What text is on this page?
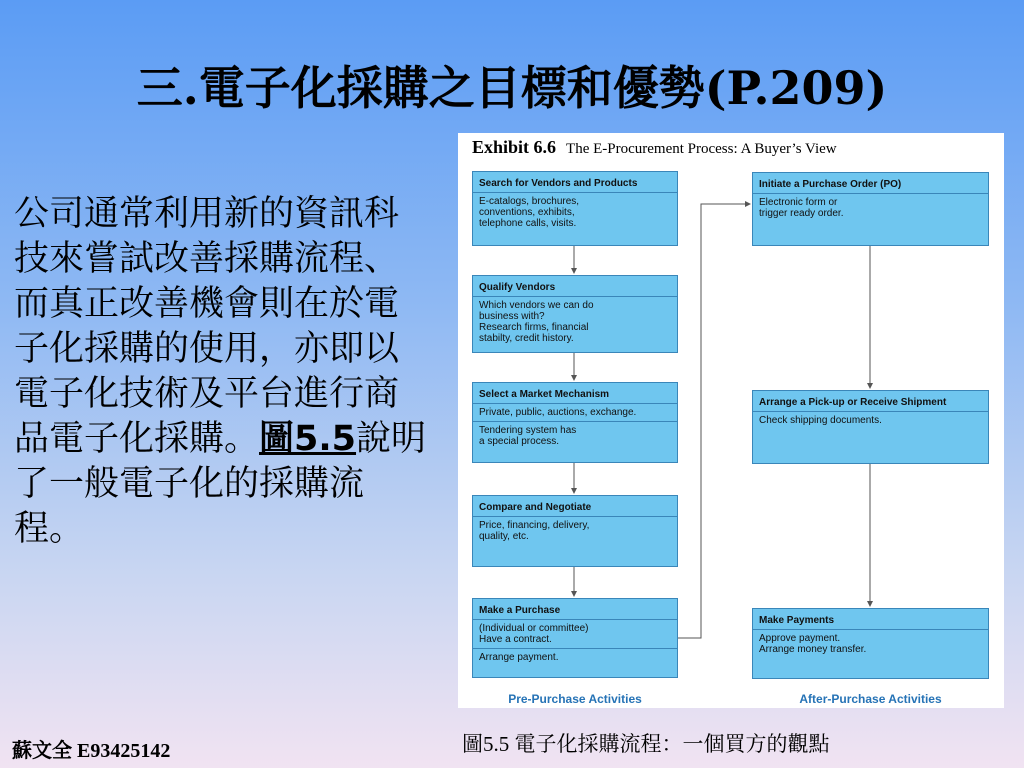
三.電子化採購之目標和優勢(P.209)
公司通常利用新的資訊科技來嘗試改善採購流程、而真正改善機會則在於電子化採購的使用，亦即以電子化技術及平台進行商品電子化採購。圖5.5說明了一般電子化的採購流程。
Exhibit 6.6 The E-Procurement Process: A Buyer’s View
Search for Vendors and Products
E-catalogs, brochures,
conventions, exhibits,
telephone calls, visits.
Qualify Vendors
Which vendors we can do
business with?
Research firms, financial
stabilty, credit history.
Select a Market Mechanism
Private, public, auctions, exchange.
Tendering system has
a special process.
Compare and Negotiate
Price, financing, delivery,
quality, etc.
Make a Purchase
(Individual or committee)
Have a contract.
Arrange payment.
Initiate a Purchase Order (PO)
Electronic form or
trigger ready order.
Arrange a Pick-up or Receive Shipment
Check shipping documents.
Make Payments
Approve payment.
Arrange money transfer.
Pre-Purchase Activities	After-Purchase Activities
蘇文全 E93425142	圖5.5 電子化採購流程：一個買方的觀點
